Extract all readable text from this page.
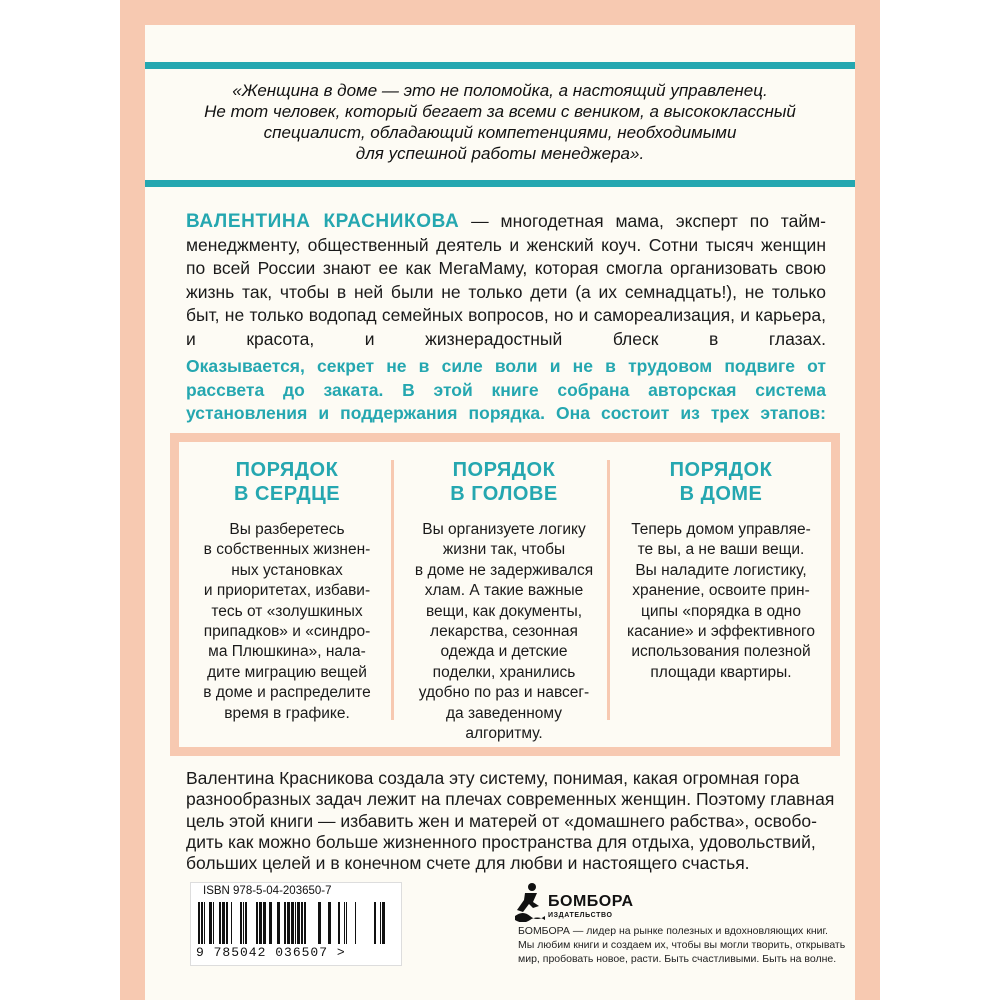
«Женщина в доме — это не поломойка, а настоящий управленец.
Не тот человек, который бегает за всеми с веником, а высококлассный
специалист, обладающий компетенциями, необходимыми
для успешной работы менеджера».
ВАЛЕНТИНА КРАСНИКОВА — многодетная мама, эксперт по тайм-менеджменту, общественный деятель и женский коуч. Сотни тысяч женщин по всей России знают ее как МегаМаму, которая смогла организовать свою жизнь так, чтобы в ней были не только дети (а их семнадцать!), не только быт, не только водопад семейных вопросов, но и самореализация, и карьера, и красота, и жизнерадостный блеск в глазах.
Оказывается, секрет не в силе воли и не в трудовом подвиге от рассвета до заката. В этой книге собрана авторская система установления и поддержания порядка. Она состоит из трех этапов:
ПОРЯДОК
В СЕРДЦЕ
Вы разберетесь
в собственных жизнен-
ных установках
и приоритетах, избави-
тесь от «золушкиных
припадков» и «синдро-
ма Плюшкина», нала-
дите миграцию вещей
в доме и распределите
время в графике.
ПОРЯДОК
В ГОЛОВЕ
Вы организуете логику
жизни так, чтобы
в доме не задерживался
хлам. А такие важные
вещи, как документы,
лекарства, сезонная
одежда и детские
поделки, хранились
удобно по раз и навсег-
да заведенному
алгоритму.
ПОРЯДОК
В ДОМЕ
Теперь домом управляе-
те вы, а не ваши вещи.
Вы наладите логистику,
хранение, освоите прин-
ципы «порядка в одно
касание» и эффективного
использования полезной
площади квартиры.
Валентина Красникова создала эту систему, понимая, какая огромная гора
разнообразных задач лежит на плечах современных женщин. Поэтому главная
цель этой книги — избавить жен и матерей от «домашнего рабства», освобо-
дить как можно больше жизненного пространства для отдыха, удовольствий,
больших целей и в конечном счете для любви и настоящего счастья.
ISBN 978-5-04-203650-7
9 785042 036507 >
БОМБОРА
ИЗДАТЕЛЬСТВО
БОМБОРА — лидер на рынке полезных и вдохновляющих книг.
Мы любим книги и создаем их, чтобы вы могли творить, открывать
мир, пробовать новое, расти. Быть счастливыми. Быть на волне.
